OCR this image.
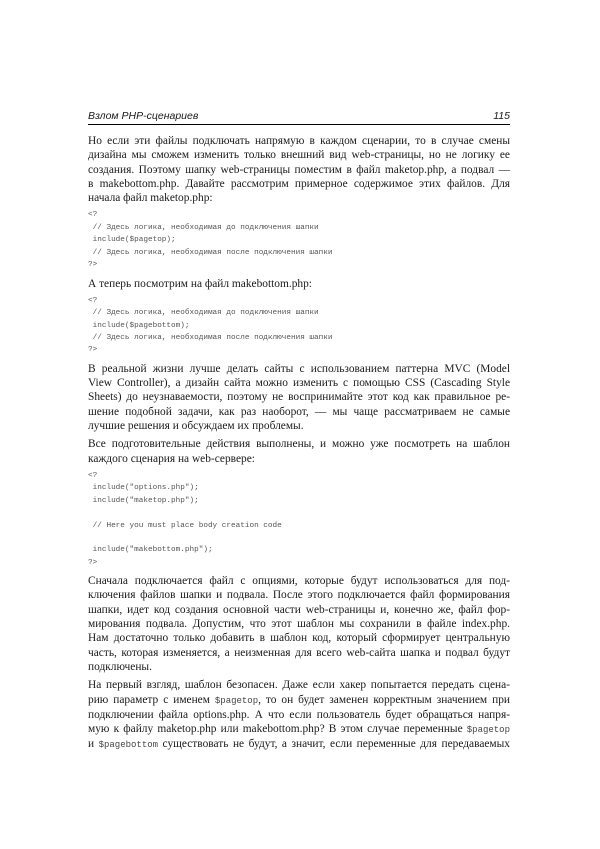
Взлом PHP-сценариев	115

Но если эти файлы подключать напрямую в каждом сценарии, то в случае смены
дизайна мы сможем изменить только внешний вид web-страницы, но не логику ее
создания. Поэтому шапку web-страницы поместим в файл maketop.php, а подвал —
в makebottom.php. Давайте рассмотрим примерное содержимое этих файлов. Для
начала файл maketop.php:

<?
// Здесь логика, необходимая до подключения шапки
include($pagetop);
// Здесь логика, необходимая после подключения шапки
?>

А теперь посмотрим на файл makebottom.php:

<?
// Здесь логика, необходимая до подключения шапки
include($pagebottom);
// Здесь логика, необходимая после подключения шапки
?>

В реальной жизни лучше делать сайты с использованием паттерна MVC (Model
View Controller), а дизайн сайта можно изменить с помощью CSS (Cascading Style
Sheets) до неузнаваемости, поэтому не воспринимайте этот код как правильное ре-
шение подобной задачи, как раз наоборот, — мы чаще рассматриваем не самые
лучшие решения и обсуждаем их проблемы.

Все подготовительные действия выполнены, и можно уже посмотреть на шаблон
каждого сценария на web-сервере:

<?
include("options.php");
include("maketop.php");

// Here you must place body creation code

include("makebottom.php");
?>

Сначала подключается файл с опциями, которые будут использоваться для под-
ключения файлов шапки и подвала. После этого подключается файл формирования
шапки, идет код создания основной части web-страницы и, конечно же, файл фор-
мирования подвала. Допустим, что этот шаблон мы сохранили в файле index.php.
Нам достаточно только добавить в шаблон код, который сформирует центральную
часть, которая изменяется, а неизменная для всего web-сайта шапка и подвал будут
подключены.

На первый взгляд, шаблон безопасен. Даже если хакер попытается передать сцена-
рию параметр с именем $pagetop, то он будет заменен корректным значением при
подключении файла options.php. А что если пользователь будет обращаться напря-
мую к файлу maketop.php или makebottom.php? В этом случае переменные $pagetop
и $pagebottom существовать не будут, а значит, если переменные для передаваемых
